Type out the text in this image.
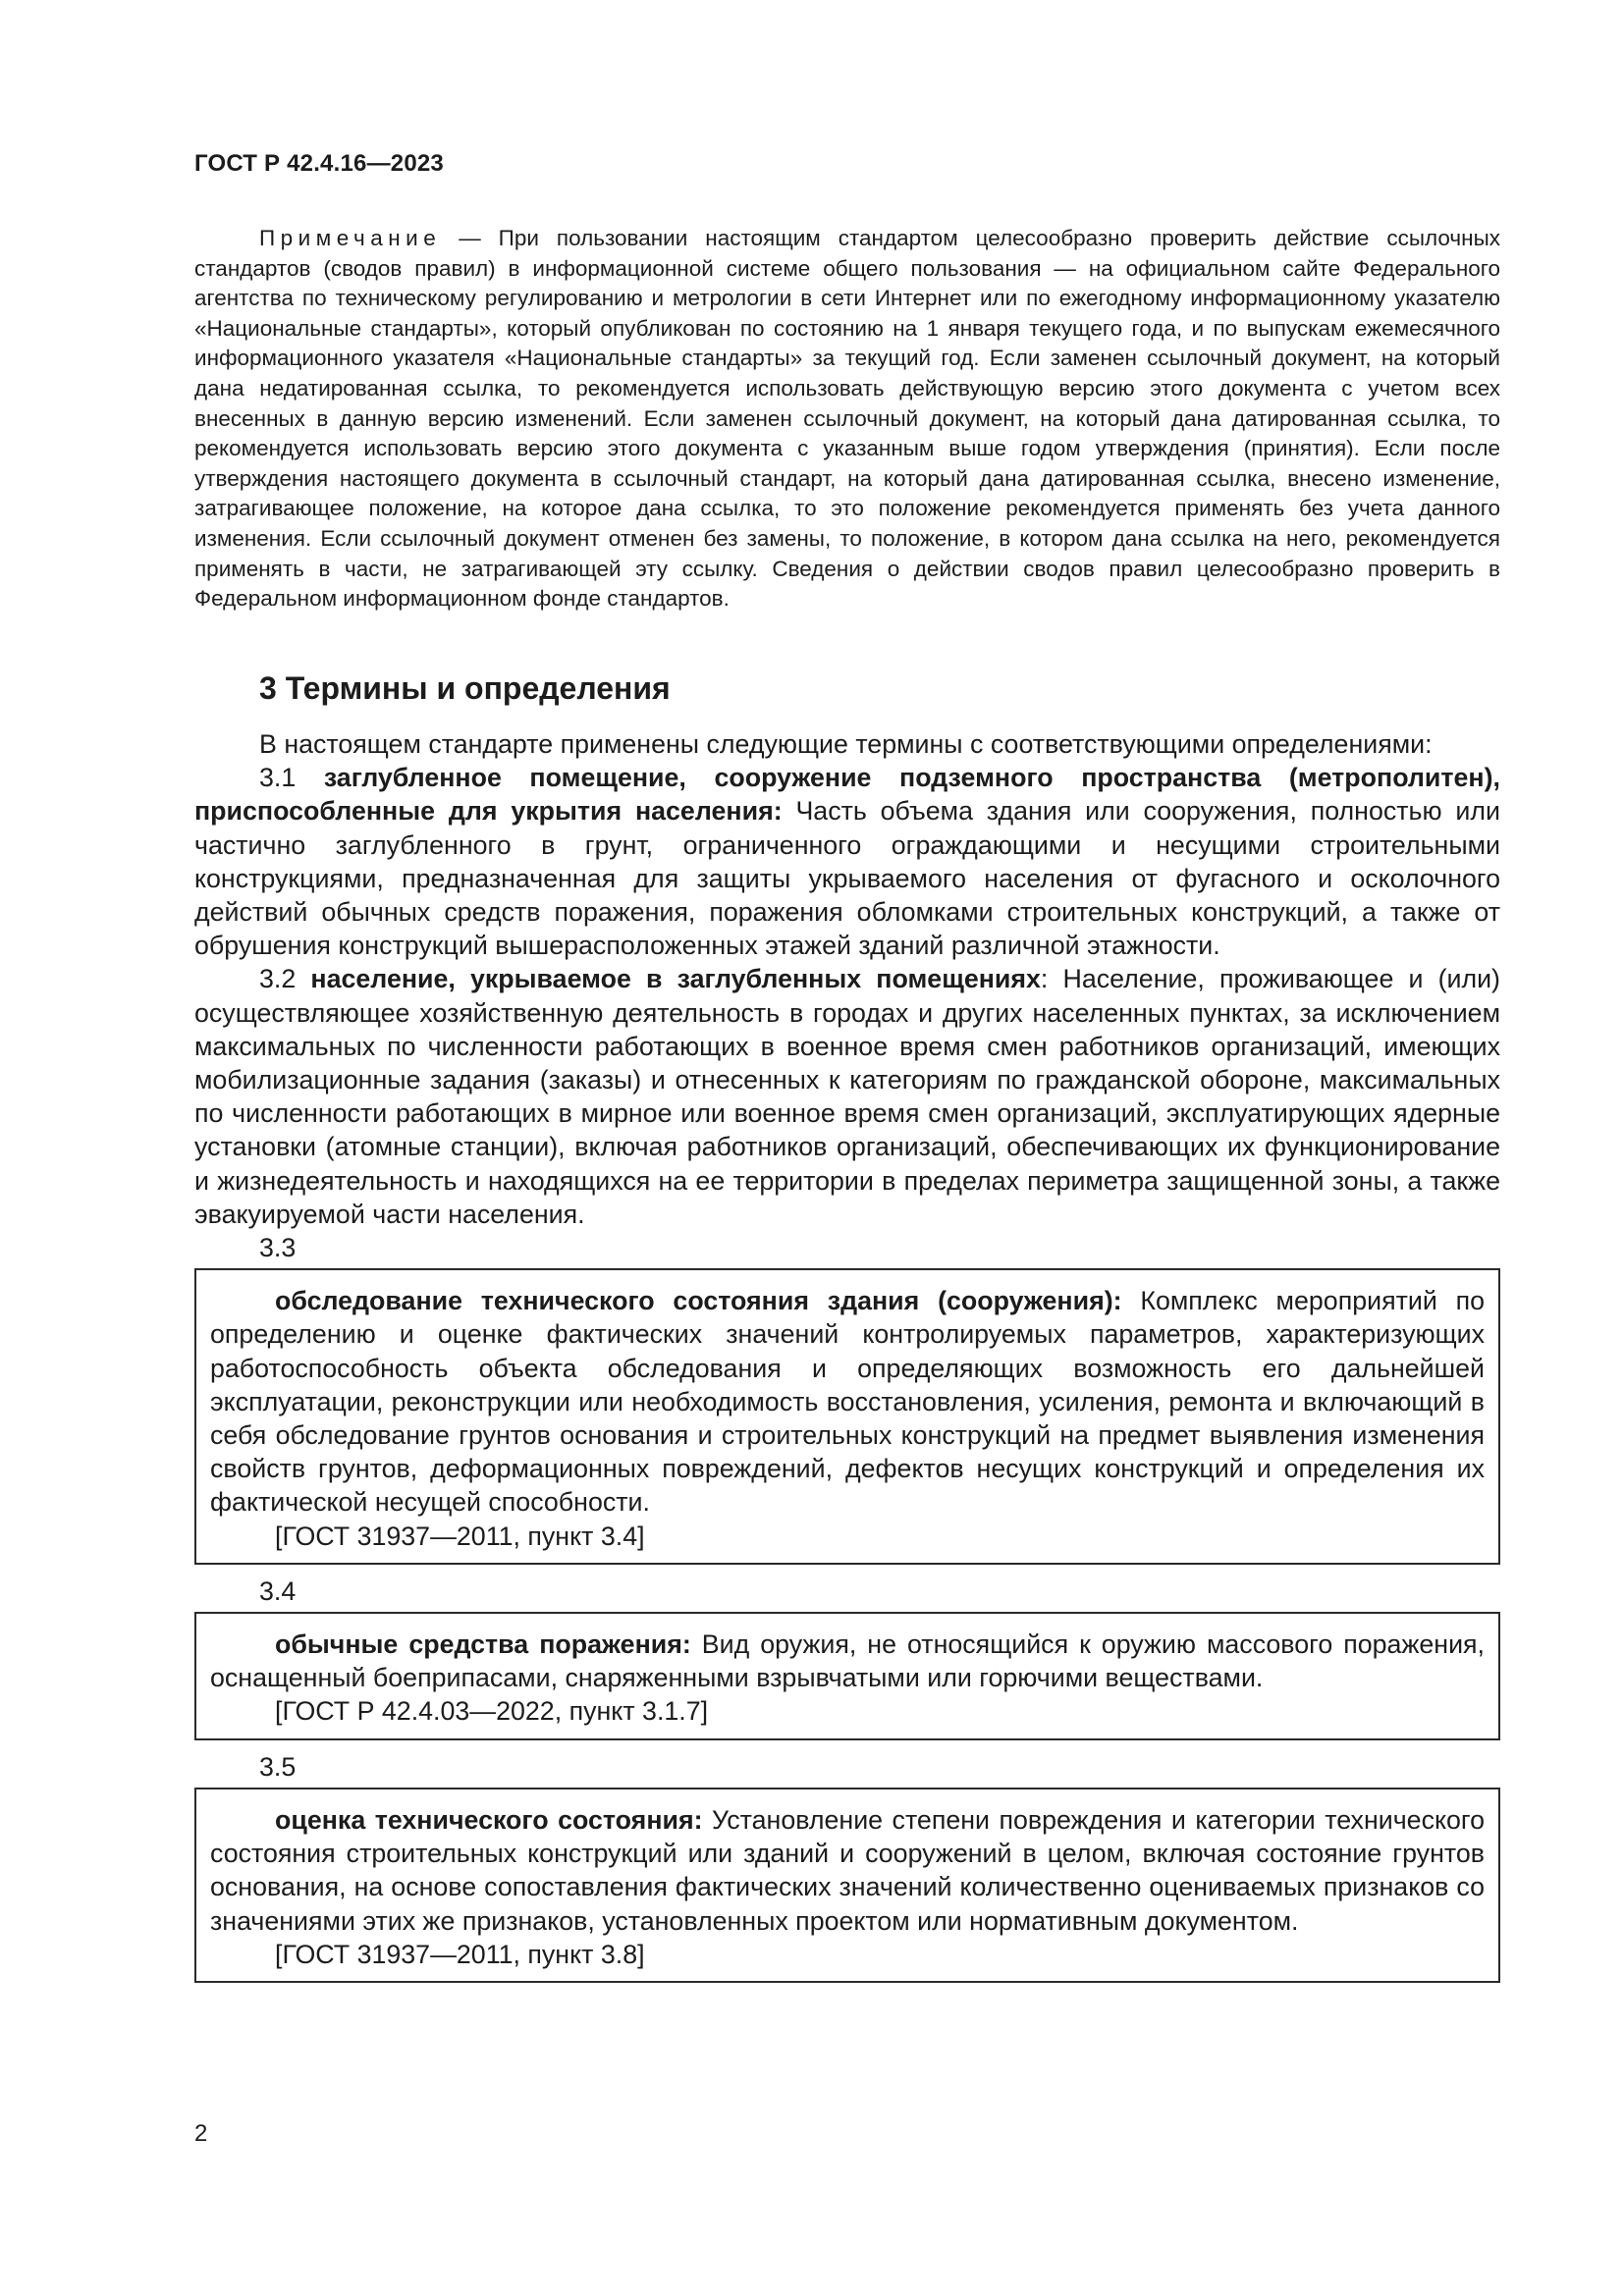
ГОСТ Р 42.4.16—2023

Примечание — При пользовании настоящим стандартом целесообразно проверить действие ссылочных стандартов (сводов правил) в информационной системе общего пользования — на официальном сайте Федерального агентства по техническому регулированию и метрологии в сети Интернет или по ежегодному информационному указателю «Национальные стандарты», который опубликован по состоянию на 1 января текущего года, и по выпускам ежемесячного информационного указателя «Национальные стандарты» за текущий год. Если заменен ссылочный документ, на который дана недатированная ссылка, то рекомендуется использовать действующую версию этого документа с учетом всех внесенных в данную версию изменений. Если заменен ссылочный документ, на который дана датированная ссылка, то рекомендуется использовать версию этого документа с указанным выше годом утверждения (принятия). Если после утверждения настоящего документа в ссылочный стандарт, на который дана датированная ссылка, внесено изменение, затрагивающее положение, на которое дана ссылка, то это положение рекомендуется применять без учета данного изменения. Если ссылочный документ отменен без замены, то положение, в котором дана ссылка на него, рекомендуется применять в части, не затрагивающей эту ссылку. Сведения о действии сводов правил целесообразно проверить в Федеральном информационном фонде стандартов.

3 Термины и определения

В настоящем стандарте применены следующие термины с соответствующими определениями:

3.1 заглубленное помещение, сооружение подземного пространства (метрополитен), приспособленные для укрытия населения: Часть объема здания или сооружения, полностью или частично заглубленного в грунт, ограниченного ограждающими и несущими строительными конструкциями, предназначенная для защиты укрываемого населения от фугасного и осколочного действий обычных средств поражения, поражения обломками строительных конструкций, а также от обрушения конструкций вышерасположенных этажей зданий различной этажности.

3.2 население, укрываемое в заглубленных помещениях: Население, проживающее и (или) осуществляющее хозяйственную деятельность в городах и других населенных пунктах, за исключением максимальных по численности работающих в военное время смен работников организаций, имеющих мобилизационные задания (заказы) и отнесенных к категориям по гражданской обороне, максимальных по численности работающих в мирное или военное время смен организаций, эксплуатирующих ядерные установки (атомные станции), включая работников организаций, обеспечивающих их функционирование и жизнедеятельность и находящихся на ее территории в пределах периметра защищенной зоны, а также эвакуируемой части населения.

3.3

обследование технического состояния здания (сооружения): Комплекс мероприятий по определению и оценке фактических значений контролируемых параметров, характеризующих работоспособность объекта обследования и определяющих возможность его дальнейшей эксплуатации, реконструкции или необходимость восстановления, усиления, ремонта и включающий в себя обследование грунтов основания и строительных конструкций на предмет выявления изменения свойств грунтов, деформационных повреждений, дефектов несущих конструкций и определения их фактической несущей способности.

[ГОСТ 31937—2011, пункт 3.4]

3.4

обычные средства поражения: Вид оружия, не относящийся к оружию массового поражения, оснащенный боеприпасами, снаряженными взрывчатыми или горючими веществами.

[ГОСТ Р 42.4.03—2022, пункт 3.1.7]

3.5

оценка технического состояния: Установление степени повреждения и категории технического состояния строительных конструкций или зданий и сооружений в целом, включая состояние грунтов основания, на основе сопоставления фактических значений количественно оцениваемых признаков со значениями этих же признаков, установленных проектом или нормативным документом.

[ГОСТ 31937—2011, пункт 3.8]

2
